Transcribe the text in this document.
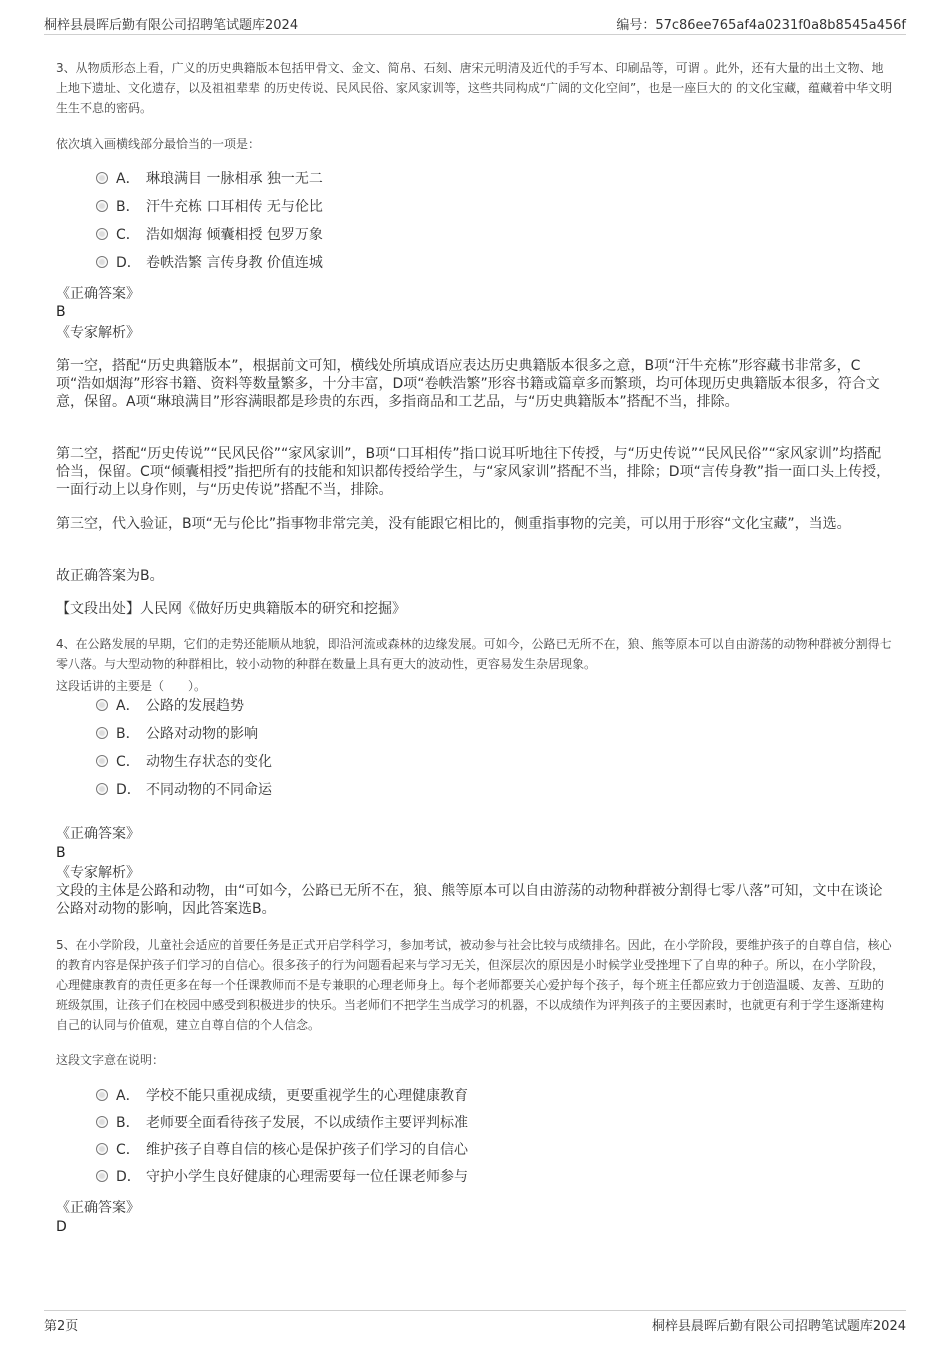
桐梓县晨晖后勤有限公司招聘笔试题库2024	编号：57c86ee765af4a0231f0a8b8545a456f
3、从物质形态上看，广义的历史典籍版本包括甲骨文、金文、简帛、石刻、唐宋元明清及近代的手写本、印刷品等，可谓 。此外，还有大量的出土文物、地上地下遗址、文化遗存，以及祖祖辈辈 的历史传说、民风民俗、家风家训等，这些共同构成“广阔的文化空间”，也是一座巨大的 的文化宝藏，蕴藏着中华文明生生不息的密码。
依次填入画横线部分最恰当的一项是：
A． 琳琅满目 一脉相承 独一无二
B． 汗牛充栋 口耳相传 无与伦比
C． 浩如烟海 倾囊相授 包罗万象
D． 卷帙浩繁 言传身教 价值连城
《正确答案》
B
《专家解析》
第一空，搭配“历史典籍版本”，根据前文可知，横线处所填成语应表达历史典籍版本很多之意，B项“汗牛充栋”形容藏书非常多，C项“浩如烟海”形容书籍、资料等数量繁多，十分丰富，D项“卷帙浩繁”形容书籍或篇章多而繁琐，均可体现历史典籍版本很多，符合文意，保留。A项“琳琅满目”形容满眼都是珍贵的东西，多指商品和工艺品，与“历史典籍版本”搭配不当，排除。
第二空，搭配“历史传说”“民风民俗”“家风家训”，B项“口耳相传”指口说耳听地往下传授，与“历史传说”“民风民俗”“家风家训”均搭配恰当，保留。C项“倾囊相授”指把所有的技能和知识都传授给学生，与“家风家训”搭配不当，排除；D项“言传身教”指一面口头上传授，一面行动上以身作则，与“历史传说”搭配不当，排除。
第三空，代入验证，B项“无与伦比”指事物非常完美，没有能跟它相比的，侧重指事物的完美，可以用于形容“文化宝藏”，当选。
故正确答案为B。
【文段出处】人民网《做好历史典籍版本的研究和挖掘》
4、在公路发展的早期，它们的走势还能顺从地貌，即沿河流或森林的边缘发展。可如今，公路已无所不在，狼、熊等原本可以自由游荡的动物种群被分割得七零八落。与大型动物的种群相比，较小动物的种群在数量上具有更大的波动性，更容易发生杂居现象。
这段话讲的主要是（　　）。
A． 公路的发展趋势
B． 公路对动物的影响
C． 动物生存状态的变化
D． 不同动物的不同命运
《正确答案》
B
《专家解析》
文段的主体是公路和动物，由“可如今，公路已无所不在，狼、熊等原本可以自由游荡的动物种群被分割得七零八落”可知，文中在谈论公路对动物的影响，因此答案选B。
5、在小学阶段，儿童社会适应的首要任务是正式开启学科学习，参加考试，被动参与社会比较与成绩排名。因此，在小学阶段，要维护孩子的自尊自信，核心的教育内容是保护孩子们学习的自信心。很多孩子的行为问题看起来与学习无关，但深层次的原因是小时候学业受挫埋下了自卑的种子。所以，在小学阶段，心理健康教育的责任更多在每一个任课教师而不是专兼职的心理老师身上。每个老师都要关心爱护每个孩子，每个班主任都应致力于创造温暖、友善、互助的班级氛围，让孩子们在校园中感受到积极进步的快乐。当老师们不把学生当成学习的机器，不以成绩作为评判孩子的主要因素时，也就更有利于学生逐渐建构自己的认同与价值观，建立自尊自信的个人信念。
这段文字意在说明：
A． 学校不能只重视成绩，更要重视学生的心理健康教育
B． 老师要全面看待孩子发展，不以成绩作主要评判标准
C． 维护孩子自尊自信的核心是保护孩子们学习的自信心
D． 守护小学生良好健康的心理需要每一位任课老师参与
《正确答案》
D
第2页	桐梓县晨晖后勤有限公司招聘笔试题库2024
